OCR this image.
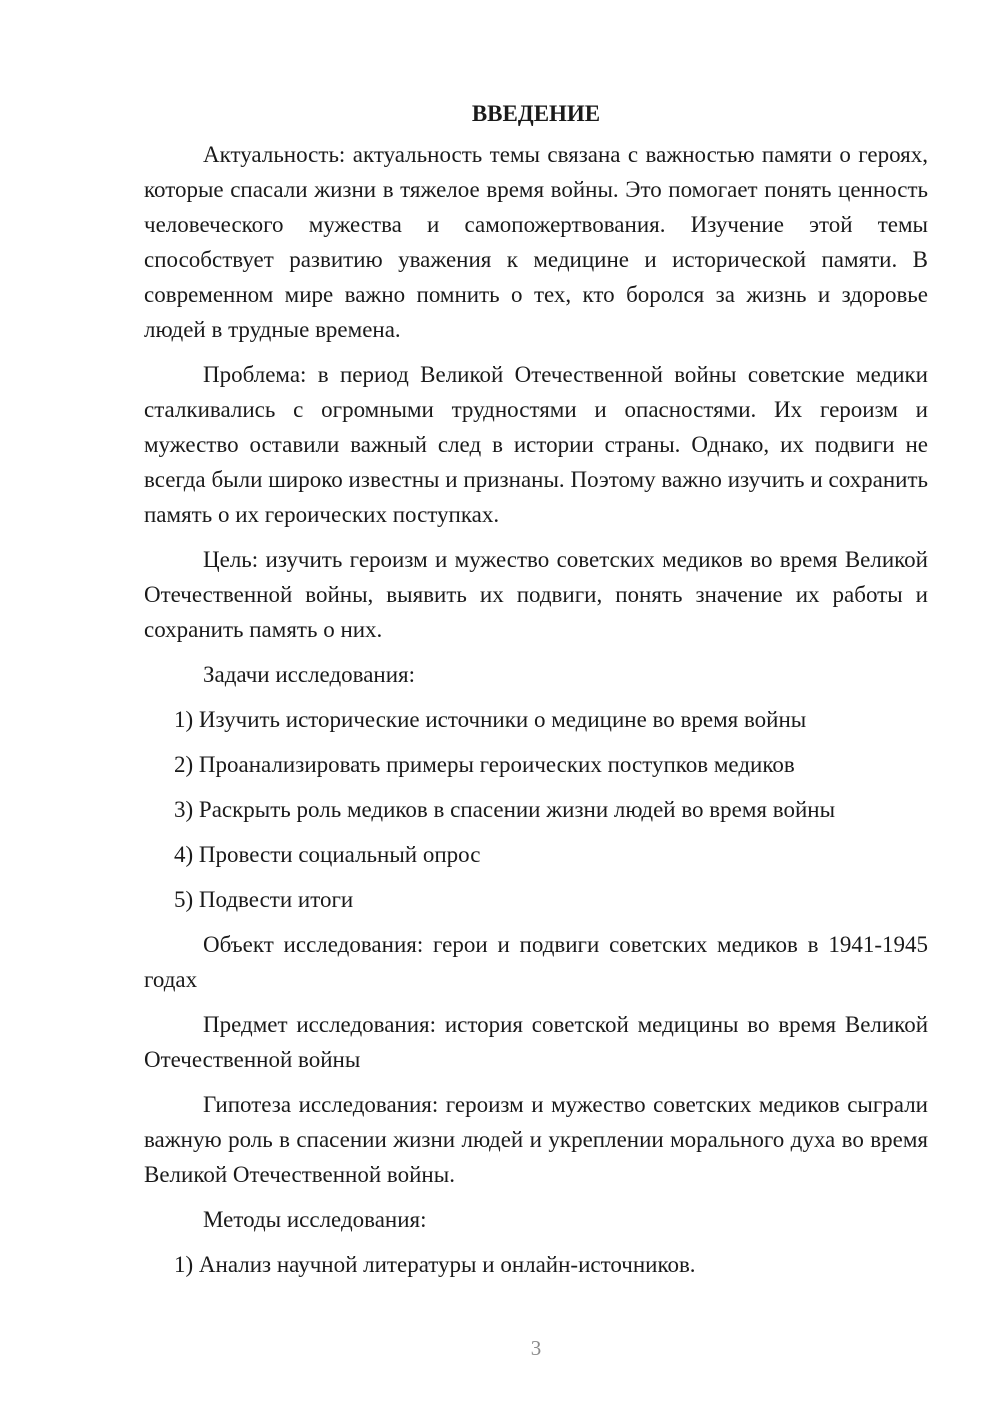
ВВЕДЕНИЕ

Актуальность: актуальность темы связана с важностью памяти о героях, которые спасали жизни в тяжелое время войны. Это помогает понять ценность человеческого мужества и самопожертвования. Изучение этой темы способствует развитию уважения к медицине и исторической памяти. В современном мире важно помнить о тех, кто боролся за жизнь и здоровье людей в трудные времена.

Проблема: в период Великой Отечественной войны советские медики сталкивались с огромными трудностями и опасностями. Их героизм и мужество оставили важный след в истории страны. Однако, их подвиги не всегда были широко известны и признаны. Поэтому важно изучить и сохранить память о их героических поступках.

Цель: изучить героизм и мужество советских медиков во время Великой Отечественной войны, выявить их подвиги, понять значение их работы и сохранить память о них.

Задачи исследования:

1) Изучить исторические источники о медицине во время войны
2) Проанализировать примеры героических поступков медиков
3) Раскрыть роль медиков в спасении жизни людей во время войны
4) Провести социальный опрос
5) Подвести итоги

Объект исследования: герои и подвиги советских медиков в 1941-1945 годах

Предмет исследования: история советской медицины во время Великой Отечественной войны

Гипотеза исследования: героизм и мужество советских медиков сыграли важную роль в спасении жизни людей и укреплении морального духа во время Великой Отечественной войны.

Методы исследования:

1) Анализ научной литературы и онлайн-источников.
3
